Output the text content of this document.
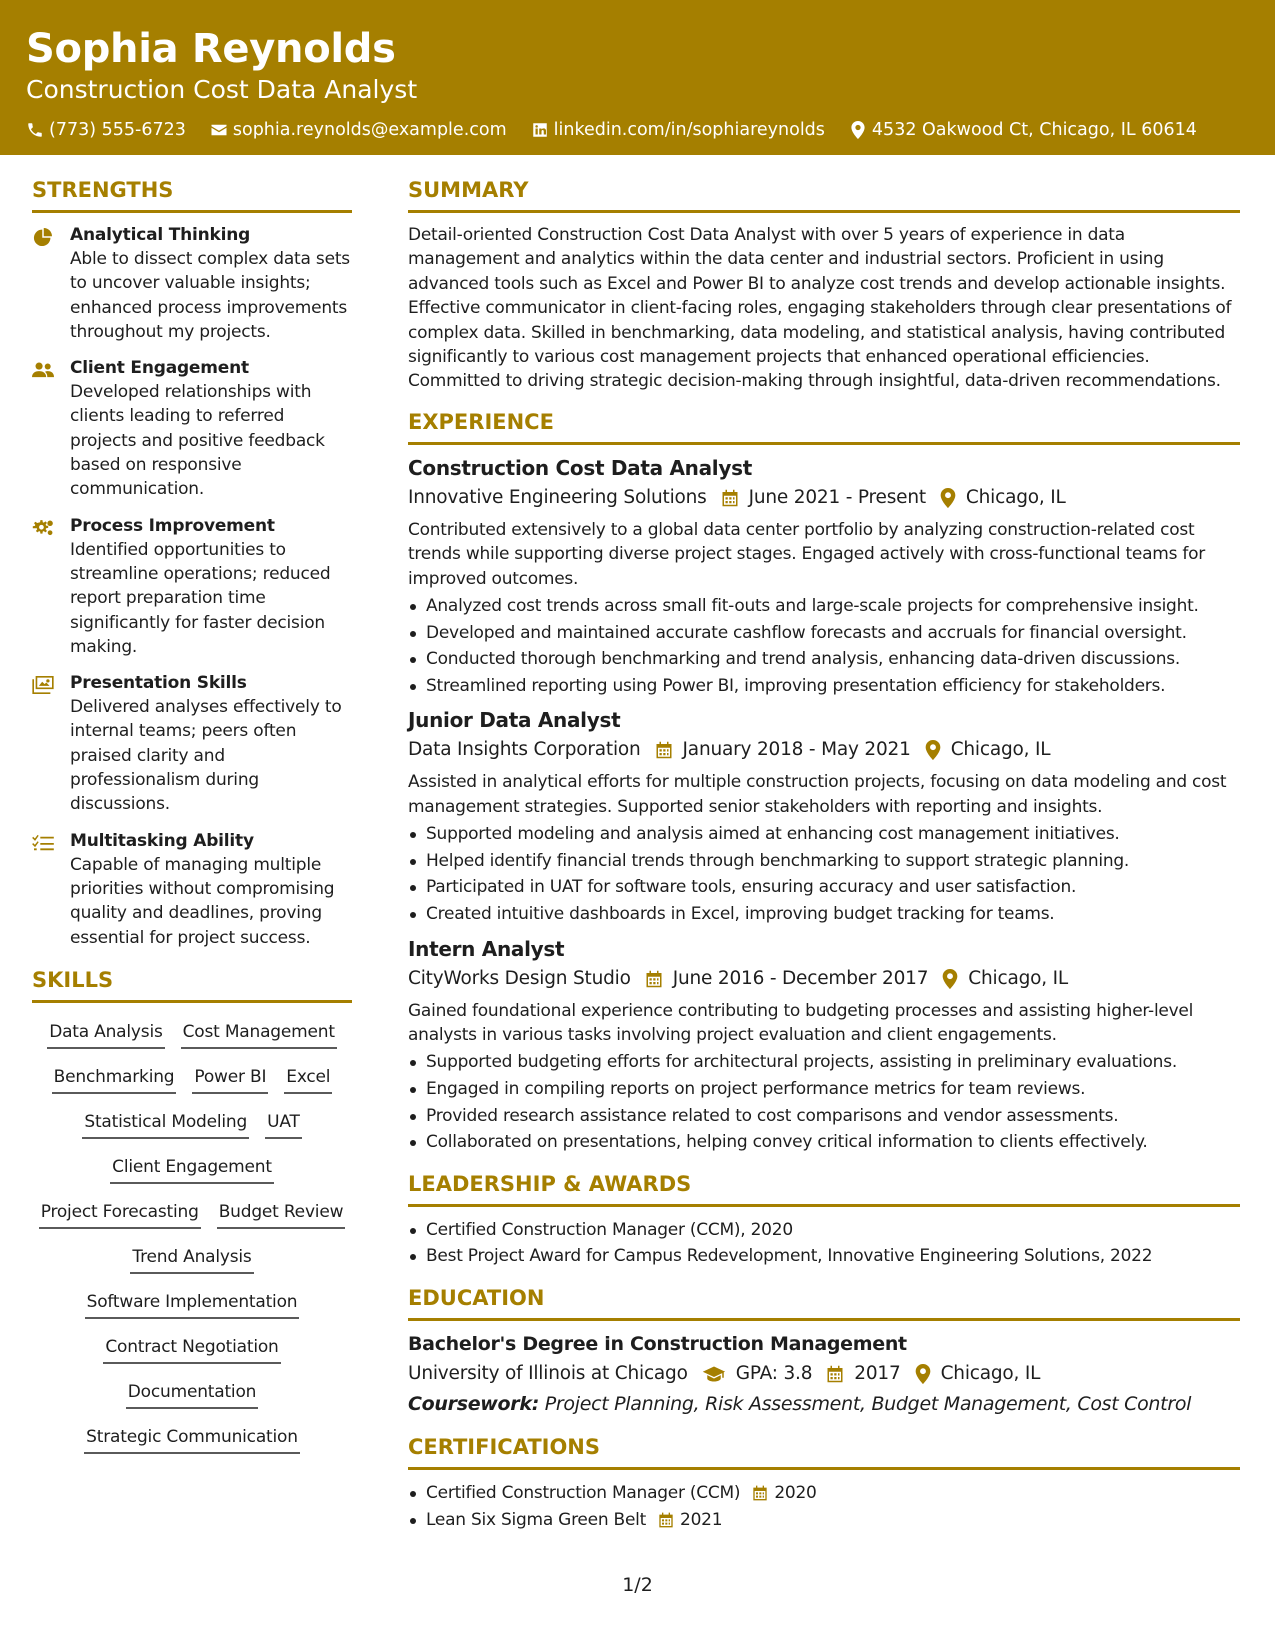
Sophia Reynolds
Construction Cost Data Analyst
(773) 555-6723	sophia.reynolds@example.com	linkedin.com/in/sophiareynolds	4532 Oakwood Ct, Chicago, IL 60614
STRENGTHS
Analytical Thinking
Able to dissect complex data sets to uncover valuable insights; enhanced process improvements throughout my projects.
Client Engagement
Developed relationships with clients leading to referred projects and positive feedback based on responsive communication.
Process Improvement
Identified opportunities to streamline operations; reduced report preparation time significantly for faster decision making.
Presentation Skills
Delivered analyses effectively to internal teams; peers often praised clarity and professionalism during discussions.
Multitasking Ability
Capable of managing multiple priorities without compromising quality and deadlines, proving essential for project success.
SKILLS
Data Analysis Cost Management
Benchmarking Power BI Excel
Statistical Modeling UAT
Client Engagement
Project Forecasting Budget Review
Trend Analysis
Software Implementation
Contract Negotiation
Documentation
Strategic Communication
SUMMARY
Detail-oriented Construction Cost Data Analyst with over 5 years of experience in data management and analytics within the data center and industrial sectors. Proficient in using advanced tools such as Excel and Power BI to analyze cost trends and develop actionable insights. Effective communicator in client-facing roles, engaging stakeholders through clear presentations of complex data. Skilled in benchmarking, data modeling, and statistical analysis, having contributed significantly to various cost management projects that enhanced operational efficiencies. Committed to driving strategic decision-making through insightful, data-driven recommendations.
EXPERIENCE
Construction Cost Data Analyst
Innovative Engineering Solutions June 2021 - Present Chicago, IL
Contributed extensively to a global data center portfolio by analyzing construction-related cost trends while supporting diverse project stages. Engaged actively with cross-functional teams for improved outcomes.
Analyzed cost trends across small fit-outs and large-scale projects for comprehensive insight.
Developed and maintained accurate cashflow forecasts and accruals for financial oversight.
Conducted thorough benchmarking and trend analysis, enhancing data-driven discussions.
Streamlined reporting using Power BI, improving presentation efficiency for stakeholders.
Junior Data Analyst
Data Insights Corporation January 2018 - May 2021 Chicago, IL
Assisted in analytical efforts for multiple construction projects, focusing on data modeling and cost management strategies. Supported senior stakeholders with reporting and insights.
Supported modeling and analysis aimed at enhancing cost management initiatives.
Helped identify financial trends through benchmarking to support strategic planning.
Participated in UAT for software tools, ensuring accuracy and user satisfaction.
Created intuitive dashboards in Excel, improving budget tracking for teams.
Intern Analyst
CityWorks Design Studio June 2016 - December 2017 Chicago, IL
Gained foundational experience contributing to budgeting processes and assisting higher-level analysts in various tasks involving project evaluation and client engagements.
Supported budgeting efforts for architectural projects, assisting in preliminary evaluations.
Engaged in compiling reports on project performance metrics for team reviews.
Provided research assistance related to cost comparisons and vendor assessments.
Collaborated on presentations, helping convey critical information to clients effectively.
LEADERSHIP & AWARDS
Certified Construction Manager (CCM), 2020
Best Project Award for Campus Redevelopment, Innovative Engineering Solutions, 2022
EDUCATION
Bachelor's Degree in Construction Management
University of Illinois at Chicago	GPA: 3.8 2017 Chicago, IL
Coursework: Project Planning, Risk Assessment, Budget Management, Cost Control
CERTIFICATIONS
Certified Construction Manager (CCM) 2020
Lean Six Sigma Green Belt 2021
1/2
